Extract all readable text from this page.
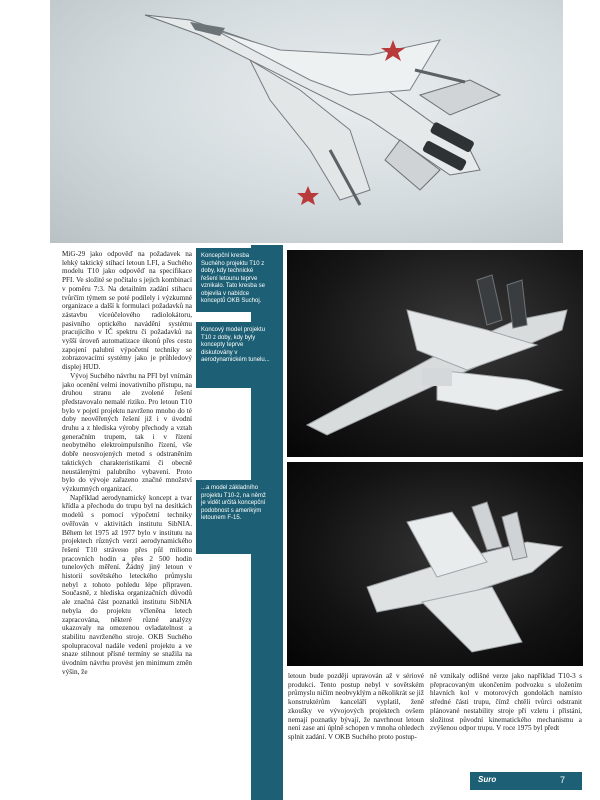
Koncepční kresba Suchého projektu T10 z doby, kdy technické řešení letounu teprve vznikalo. Tato kresba se objevila v nabídce konceptů OKB Suchoj.
Koncový model projektu T10 z doby, kdy byly koncepty teprve diskutovány v aerodynamickém tunelu...
...a model základního projektu T10-2, na němž je vidět určitá koncepční podobnost s amerikým letounem F-15.

MiG-29 jako odpověď na požadavek na lehký taktický stíhací letoun LFI, a Suchého modelu T10 jako odpověď na specifikace PFI. Ve složité se počítalo s jejich kombinací v poměru 7:3. Na detailním zadání stihacu tvůrčím týmem se poté podílely i výzkumné organizace a další k formulaci požadavků na zástavbu víceúčelového radiolokátoru, pasivního optického navádění systému pracujícího v IČ spektru či požadavků na vyšší úroveň automatizace úkonů přes cestu zapojení palubní výpočetní techniky se zobrazovacími systémy jako je průhledový displej HUD.

Vývoj Suchého návrhu na PFI byl vnímán jako ocenění velmi inovativního přístupu, na druhou stranu ale zvolené řešení představovalo nemalé riziko. Pro letoun T10 bylo v pojetí projektu navrženo mnoho do té doby neověřených řešení již i v úvodní druhu a z hlediska výroby přechody a vztah generačním trupem, tak i v řízení neobytného elektroimpulsního řízení, vše dobře neosvojených metod s odstraněním taktických charakteristikami či obecně neustálenými palubního vybavení. Proto bylo do vývoje zařazeno značné množství výzkumných organizací.

Například aerodynamický koncept a tvar křídla a přechodu do trupu byl na desítkách modelů s pomocí výpočetní techniky ověřován v aktivitách institutu SibNIA. Během let 1975 až 1977 bylo v institutu na projektech různých verzí aerodynamického řešení T10 strávено přes půl milionu pracovních hodin a přes 2 500 hodin tunelových měření. Žádný jiný letoun v historii sovětského leteckého průmyslu nebyl z tohoto pohledu lépe připraven. Současně, z hlediska organizačních důvodů ale značná část poznatků institutu SibNIA nebyla do projektu včleněna letech zapracována, některé různé analýzy ukazovaly na omezenou ovladatelnost a stabilitu navrženého stroje. OKB Suchého spolupracoval nadále vedení projektu a ve snaze stihnout přísné termíny se snažila na úvodním návrhu provést jen minimum změn výšin, že

letoun bude později upravován až v sériové produkci. Tento postup nebyl v sovětském průmyslu ničím neobvyklým a několikrát se již konstruktérům kanceláří vyplatil, ženě zkoušky ve vývojových projektech ovšem nemají poznatky bývají, že navrhnout letoun není zase ani úplně schopen v mnoha ohledech splnit zadání. V OKB Suchého proto postup-

ně vznikaly odlišné verze jako například T10-3 s přepracovaným ukončením podvozku s uložením hlavních kol v motorových gondolách namísto středné části trupu, čímž chtěli tvůrci odstranit plánované nestability stroje při vzletu i přistání, složitost původní kinematického mechanismu a zvýšenou odpor trupu. V roce 1975 byl předt

Suro	7
